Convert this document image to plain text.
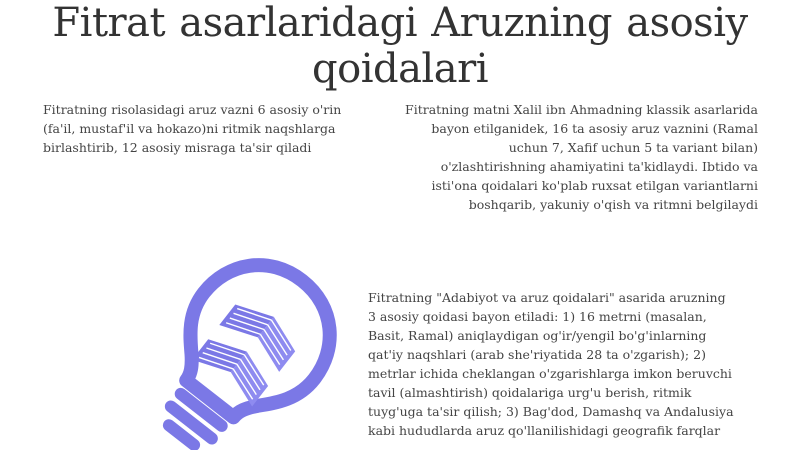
Fitrat asarlaridagi Aruzning asosiy qoidalari

Fitratning risolasidagi aruz vazni 6 asosiy o'rin (fa'il, mustaf'il va hokazo)ni ritmik naqshlarga birlashtirib, 12 asosiy misraga ta'sir qiladi

Fitratning matni Xalil ibn Ahmadning klassik asarlarida bayon etilganidek, 16 ta asosiy aruz vaznini (Ramal uchun 7, Xafif uchun 5 ta variant bilan) o'zlashtirishning ahamiyatini ta'kidlaydi. Ibtido va isti'ona qoidalari ko'plab ruxsat etilgan variantlarni boshqarib, yakuniy o'qish va ritmni belgilaydi

Fitratning "Adabiyot va aruz qoidalari" asarida aruzning 3 asosiy qoidasi bayon etiladi: 1) 16 metrni (masalan, Basit, Ramal) aniqlaydigan og'ir/yengil bo'g'inlarning qat'iy naqshlari (arab she'riyatida 28 ta o'zgarish); 2) metrlar ichida cheklangan o'zgarishlarga imkon beruvchi tavil (almashtirish) qoidalariga urg'u berish, ritmik tuyg'uga ta'sir qilish; 3) Bag'dod, Damashq va Andalusiya kabi hududlarda aruz qo'llanilishidagi geografik farqlar
